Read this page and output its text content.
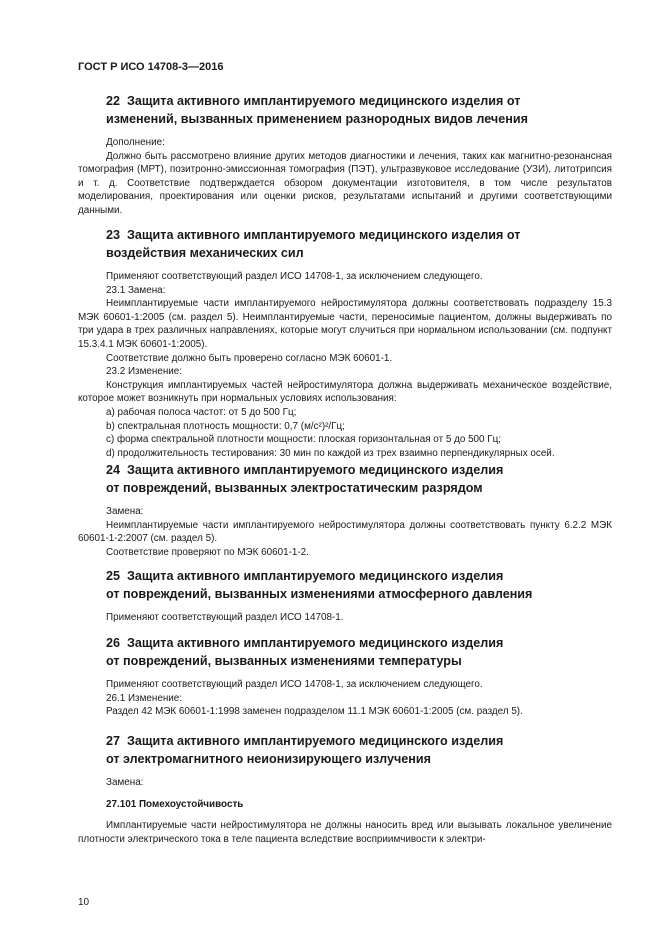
ГОСТ Р ИСО 14708-3—2016
22 Защита активного имплантируемого медицинского изделия от
изменений, вызванных применением разнородных видов лечения

Дополнение:

Должно быть рассмотрено влияние других методов диагностики и лечения, таких как магнитно-резонансная томография (МРТ), позитронно-эмиссионная томография (ПЭТ), ультразвуковое исследование (УЗИ), литотрипсия и т. д. Соответствие подтверждается обзором документации изготовителя, в том числе результатов моделирования, проектирования или оценки рисков, результатами испытаний и другими соответствующими данными.

23 Защита активного имплантируемого медицинского изделия от
воздействия механических сил

Применяют соответствующий раздел ИСО 14708-1, за исключением следующего.

23.1 Замена:

Неимплантируемые части имплантируемого нейростимулятора должны соответствовать подразделу 15.3 МЭК 60601-1:2005 (см. раздел 5). Неимплантируемые части, переносимые пациентом, должны выдерживать по три удара в трех различных направлениях, которые могут случиться при нормальном использовании (см. подпункт 15.3.4.1 МЭК 60601-1:2005).

Соответствие должно быть проверено согласно МЭК 60601-1.

23.2 Изменение:

Конструкция имплантируемых частей нейростимулятора должна выдерживать механическое воздействие, которое может возникнуть при нормальных условиях использования:

a) рабочая полоса частот: от 5 до 500 Гц;

b) спектральная плотность мощности: 0,7 (м/с²)²/Гц;

c) форма спектральной плотности мощности: плоская горизонтальная от 5 до 500 Гц;

d) продолжительность тестирования: 30 мин по каждой из трех взаимно перпендикулярных осей.

24 Защита активного имплантируемого медицинского изделия
от повреждений, вызванных электростатическим разрядом

Замена:

Неимплантируемые части имплантируемого нейростимулятора должны соответствовать пункту 6.2.2 МЭК 60601-1-2:2007 (см. раздел 5).

Соответствие проверяют по МЭК 60601-1-2.

25 Защита активного имплантируемого медицинского изделия
от повреждений, вызванных изменениями атмосферного давления

Применяют соответствующий раздел ИСО 14708-1.

26 Защита активного имплантируемого медицинского изделия
от повреждений, вызванных изменениями температуры

Применяют соответствующий раздел ИСО 14708-1, за исключением следующего.

26.1 Изменение:

Раздел 42 МЭК 60601-1:1998 заменен подразделом 11.1 МЭК 60601-1:2005 (см. раздел 5).

27 Защита активного имплантируемого медицинского изделия
от электромагнитного неионизирующего излучения

Замена:

27.101 Помехоустойчивость

Имплантируемые части нейростимулятора не должны наносить вред или вызывать локальное увеличение плотности электрического тока в теле пациента вследствие восприимчивости к электри-

10
